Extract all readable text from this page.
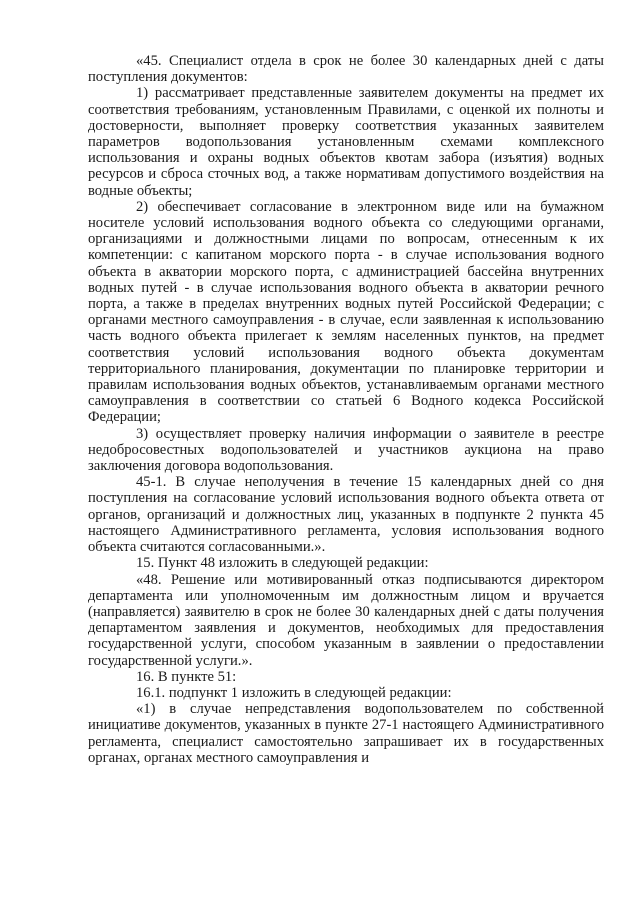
«45. Специалист отдела в срок не более 30 календарных дней с даты поступления документов:

1) рассматривает представленные заявителем документы на предмет их соответствия требованиям, установленным Правилами, с оценкой их полноты и достоверности, выполняет проверку соответствия указанных заявителем параметров водопользования установленным схемами комплексного использования и охраны водных объектов квотам забора (изъятия) водных ресурсов и сброса сточных вод, а также нормативам допустимого воздействия на водные объекты;

2) обеспечивает согласование в электронном виде или на бумажном носителе условий использования водного объекта со следующими органами, организациями и должностными лицами по вопросам, отнесенным к их компетенции: с капитаном морского порта - в случае использования водного объекта в акватории морского порта, с администрацией бассейна внутренних водных путей - в случае использования водного объекта в акватории речного порта, а также в пределах внутренних водных путей Российской Федерации; с органами местного самоуправления - в случае, если заявленная к использованию часть водного объекта прилегает к землям населенных пунктов, на предмет соответствия условий использования водного объекта документам территориального планирования, документации по планировке территории и правилам использования водных объектов, устанавливаемым органами местного самоуправления в соответствии со статьей 6 Водного кодекса Российской Федерации;

3) осуществляет проверку наличия информации о заявителе в реестре недобросовестных водопользователей и участников аукциона на право заключения договора водопользования.

45-1. В случае неполучения в течение 15 календарных дней со дня поступления на согласование условий использования водного объекта ответа от органов, организаций и должностных лиц, указанных в подпункте 2 пункта 45 настоящего Административного регламента, условия использования водного объекта считаются согласованными.».

15. Пункт 48 изложить в следующей редакции:

«48. Решение или мотивированный отказ подписываются директором департамента или уполномоченным им должностным лицом и вручается (направляется) заявителю в срок не более 30 календарных дней с даты получения департаментом заявления и документов, необходимых для предоставления государственной услуги, способом указанным в заявлении о предоставлении государственной услуги.».

16. В пункте 51:

16.1. подпункт 1 изложить в следующей редакции:

«1) в случае непредставления водопользователем по собственной инициативе документов, указанных в пункте 27-1 настоящего Административного регламента, специалист самостоятельно запрашивает их в государственных органах, органах местного самоуправления и
